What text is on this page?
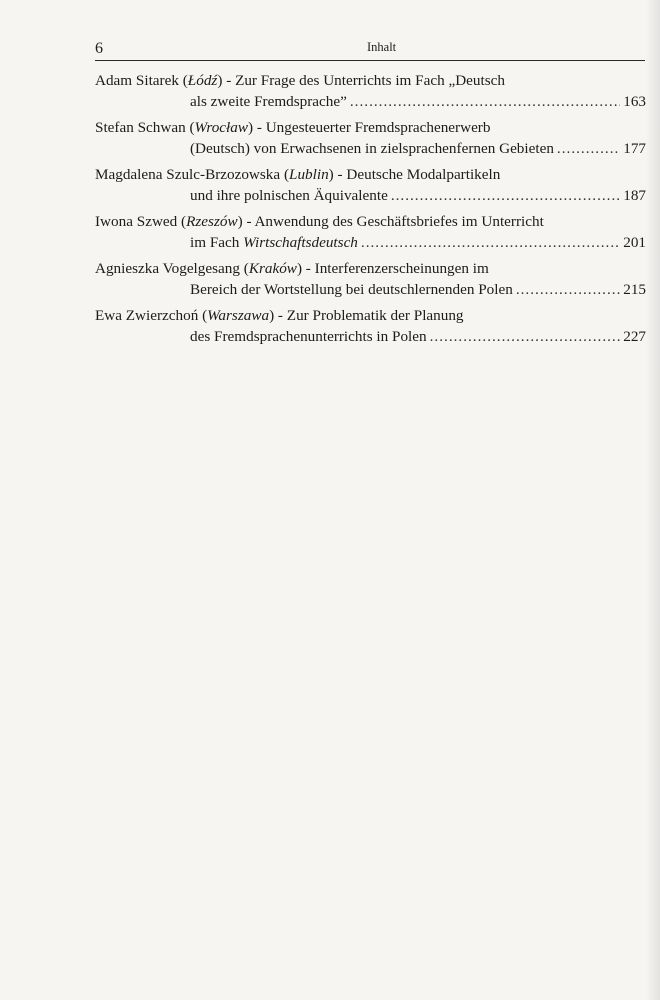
6	Inhalt
Adam Sitarek (Łódź) - Zur Frage des Unterrichts im Fach „Deutsch
als zweite Fremdsprache” .....	163
Stefan Schwan (Wrocław) - Ungesteuerter Fremdsprachenerwerb
(Deutsch) von Erwachsenen in zielsprachenfernen Gebieten .....	177
Magdalena Szulc-Brzozowska (Lublin) - Deutsche Modalpartikeln
und ihre polnischen Äquivalente .....	187
Iwona Szwed (Rzeszów) - Anwendung des Geschäftsbriefes im Unterricht
im Fach Wirtschaftsdeutsch .....	201
Agnieszka Vogelgesang (Kraków) - Interferenzerscheinungen im
Bereich der Wortstellung bei deutschlernenden Polen .....	215
Ewa Zwierzchoń (Warszawa) - Zur Problematik der Planung
des Fremdsprachenunterrichts in Polen .....	227
